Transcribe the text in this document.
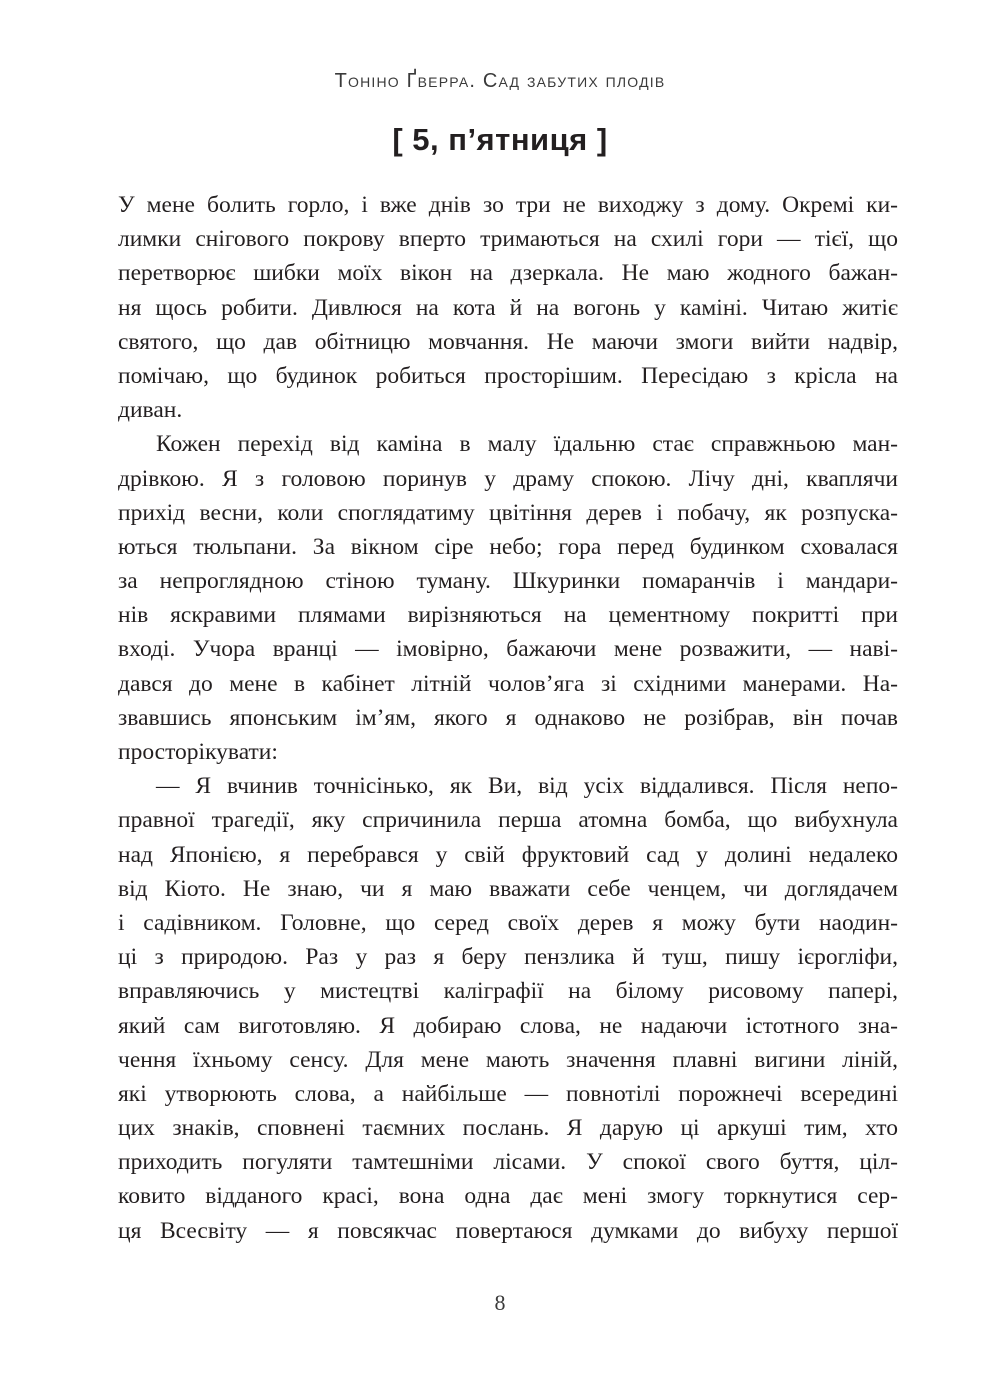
Тоніно Ґверра. Сад забутих плодів
[ 5, п’ятниця ]
У мене болить горло, і вже днів зо три не виходжу з дому. Окремі ки-
лимки снігового покрову вперто тримаються на схилі гори — тієї, що
перетворює шибки моїх вікон на дзеркала. Не маю жодного бажан-
ня щось робити. Дивлюся на кота й на вогонь у каміні. Читаю житіє
святого, що дав обітницю мовчання. Не маючи змоги вийти надвір,
помічаю, що будинок робиться просторішим. Пересідаю з крісла на
диван.
Кожен перехід від каміна в малу їдальню стає справжньою ман-
дрівкою. Я з головою поринув у драму спокою. Лічу дні, кваплячи
прихід весни, коли споглядатиму цвітіння дерев і побачу, як розпуска-
ються тюльпани. За вікном сіре небо; гора перед будинком сховалася
за непроглядною стіною туману. Шкуринки помаранчів і мандари-
нів яскравими плямами вирізняються на цементному покритті при
вході. Учора вранці — імовірно, бажаючи мене розважити, — наві-
дався до мене в кабінет літній чоловʼяга зі східними манерами. На-
звавшись японським імʼям, якого я однаково не розібрав, він почав
просторікувати:
— Я вчинив точнісінько, як Ви, від усіх віддалився. Після непо-
правної трагедії, яку спричинила перша атомна бомба, що вибухнула
над Японією, я перебрався у свій фруктовий сад у долині недалеко
від Кіото. Не знаю, чи я маю вважати себе ченцем, чи доглядачем
і садівником. Головне, що серед своїх дерев я можу бути наодин-
ці з природою. Раз у раз я беру пензлика й туш, пишу ієрогліфи,
вправляючись у мистецтві каліграфії на білому рисовому папері,
який сам виготовляю. Я добираю слова, не надаючи істотного зна-
чення їхньому сенсу. Для мене мають значення плавні вигини ліній,
які утворюють слова, а найбільше — повнотілі порожнечі всередині
цих знаків, сповнені таємних послань. Я дарую ці аркуші тим, хто
приходить погуляти тамтешніми лісами. У спокої свого буття, ціл-
ковито відданого красі, вона одна дає мені змогу торкнутися сер-
ця Всесвіту — я повсякчас повертаюся думками до вибуху першої
8
